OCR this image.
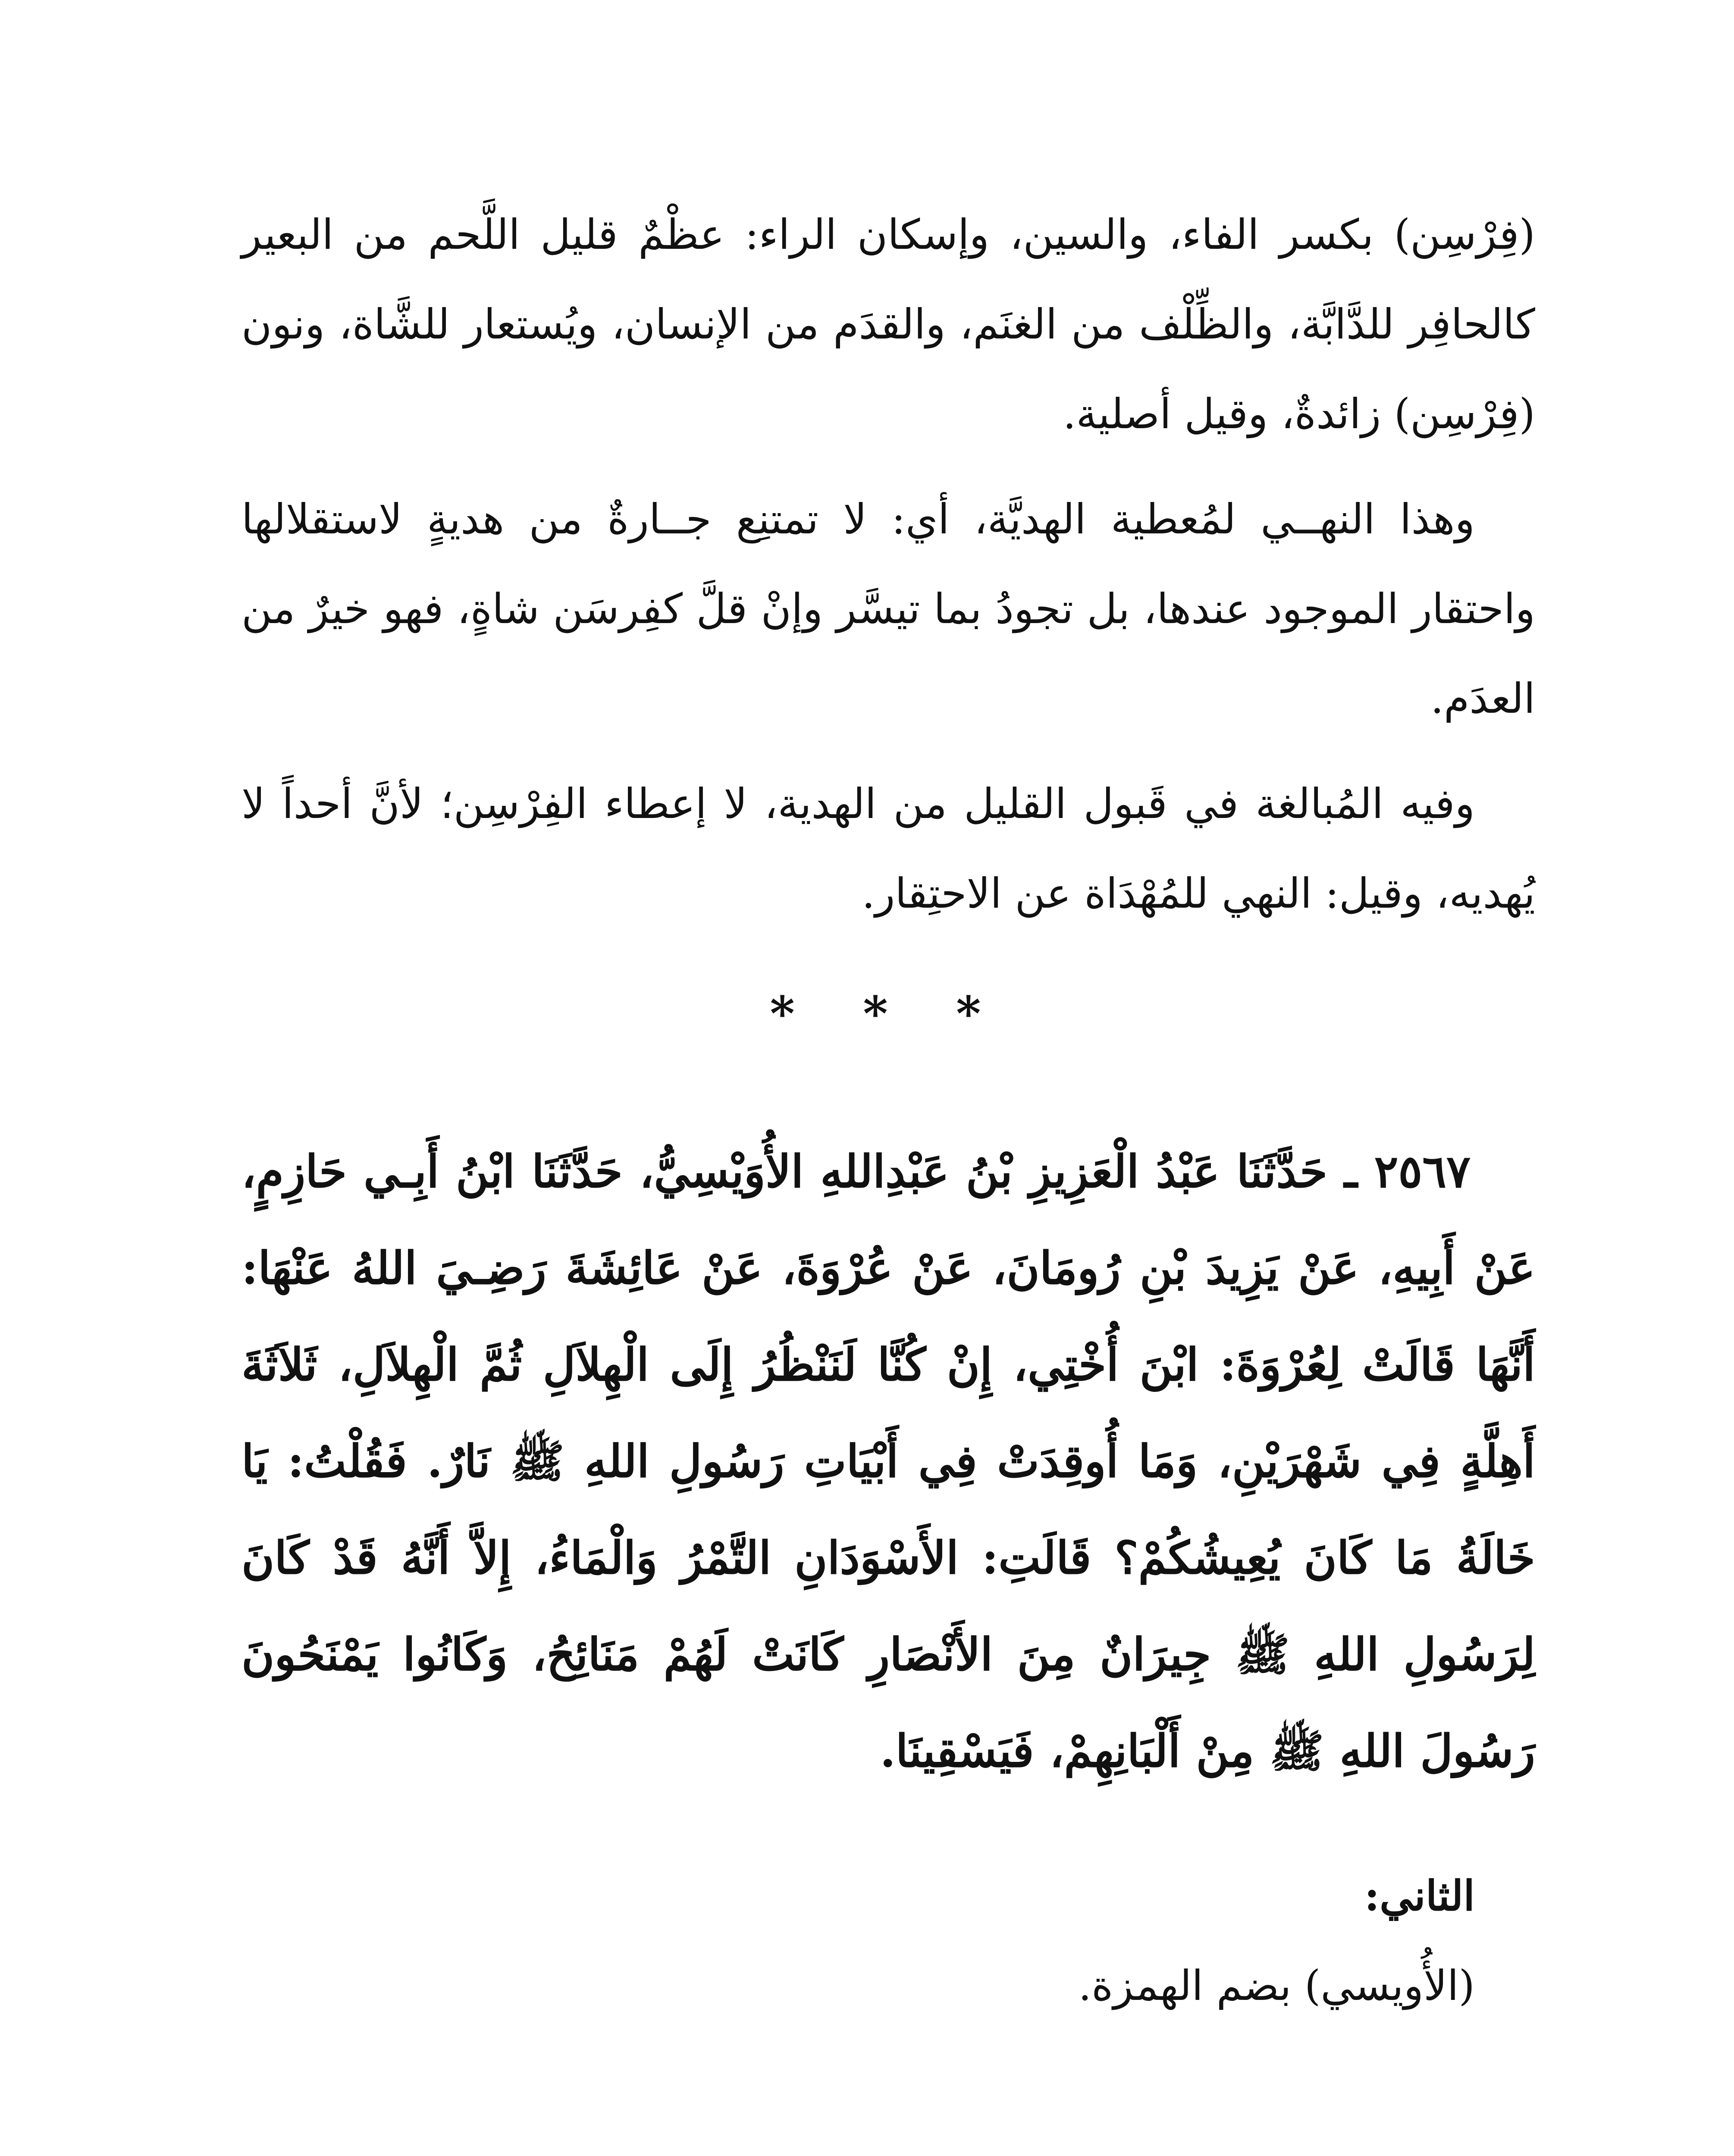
(فِرْسِن) بكسر الفاء، والسين، وإسكان الراء: عظْمٌ قليل اللَّحم من البعير كالحافِر للدَّابَّة، والظِّلْف من الغنَم، والقدَم من الإنسان، ويُستعار للشَّاة، ونون (فِرْسِن) زائدةٌ، وقيل أصلية.

وهذا النهــي لمُعطية الهديَّة، أي: لا تمتنِع جــارةٌ من هديةٍ لاستقلالها واحتقار الموجود عندها، بل تجودُ بما تيسَّر وإنْ قلَّ كفِرسَن شاةٍ، فهو خيرٌ من العدَم.

وفيه المُبالغة في قَبول القليل من الهدية، لا إعطاء الفِرْسِن؛ لأنَّ أحداً لا يُهديه، وقيل: النهي للمُهْدَاة عن الاحتِقار.

* * *

٢٥٦٧ ـ حَدَّثَنَا عَبْدُ الْعَزِيزِ بْنُ عَبْدِاللهِ الأُوَيْسِيُّ، حَدَّثَنَا ابْنُ أَبِـي حَازِمٍ، عَنْ أَبِيهِ، عَنْ يَزِيدَ بْنِ رُومَانَ، عَنْ عُرْوَةَ، عَنْ عَائِشَةَ رَضِـيَ اللهُ عَنْهَا: أَنَّهَا قَالَتْ لِعُرْوَةَ: ابْنَ أُخْتِي، إِنْ كُنَّا لَنَنْظُرُ إِلَى الْهِلاَلِ ثُمَّ الْهِلاَلِ، ثَلاَثَةَ أَهِلَّةٍ فِي شَهْرَيْنِ، وَمَا أُوقِدَتْ فِي أَبْيَاتِ رَسُولِ اللهِ ﷺ نَارٌ. فَقُلْتُ: يَا خَالَةُ مَا كَانَ يُعِيشُكُمْ؟ قَالَتِ: الأَسْوَدَانِ التَّمْرُ وَالْمَاءُ، إِلاَّ أَنَّهُ قَدْ كَانَ لِرَسُولِ اللهِ ﷺ جِيرَانٌ مِنَ الأَنْصَارِ كَانَتْ لَهُمْ مَنَائِحُ، وَكَانُوا يَمْنَحُونَ رَسُولَ اللهِ ﷺ مِنْ أَلْبَانِهِمْ، فَيَسْقِينَا.

الثاني:

(الأُويسي) بضم الهمزة.
